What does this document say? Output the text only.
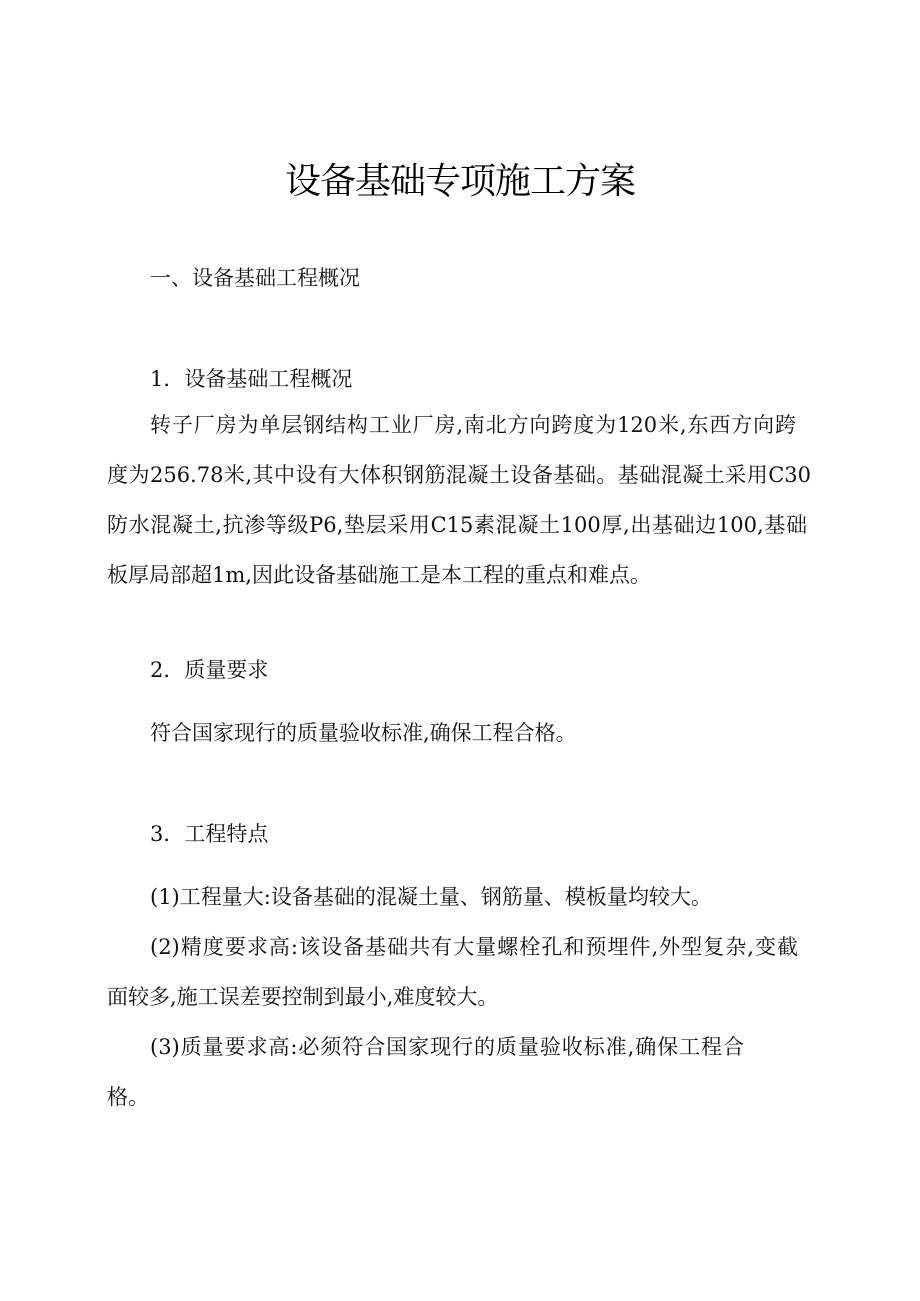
设备基础专项施工方案
一、设备基础工程概况
1．设备基础工程概况
转子厂房为单层钢结构工业厂房,南北方向跨度为120米,东西方向跨
度为256.78米,其中设有大体积钢筋混凝土设备基础。基础混凝土采用C30
防水混凝土,抗渗等级P6,垫层采用C15素混凝土100厚,出基础边100,基础
板厚局部超1m,因此设备基础施工是本工程的重点和难点。
2．质量要求
符合国家现行的质量验收标准,确保工程合格。
3．工程特点
(1)工程量大:设备基础的混凝土量、钢筋量、模板量均较大。
(2)精度要求高:该设备基础共有大量螺栓孔和预埋件,外型复杂,变截
面较多,施工误差要控制到最小,难度较大。
(3)质量要求高:必须符合国家现行的质量验收标准,确保工程合
格。
